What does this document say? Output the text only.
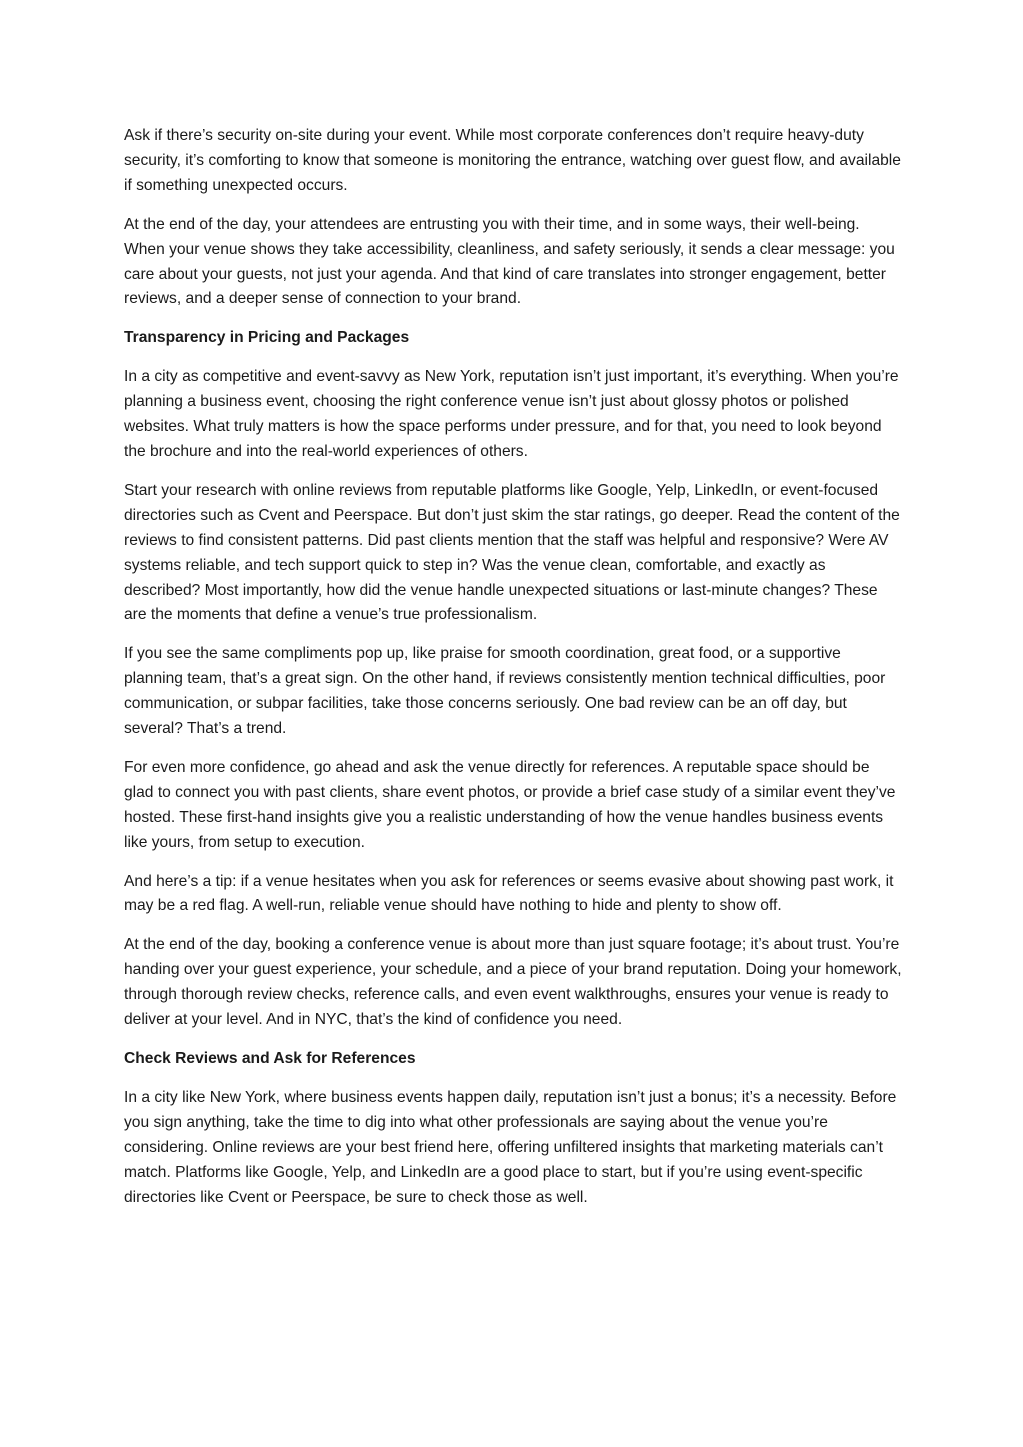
Ask if there’s security on-site during your event. While most corporate conferences don’t require heavy-duty security, it’s comforting to know that someone is monitoring the entrance, watching over guest flow, and available if something unexpected occurs.

At the end of the day, your attendees are entrusting you with their time, and in some ways, their well-being. When your venue shows they take accessibility, cleanliness, and safety seriously, it sends a clear message: you care about your guests, not just your agenda. And that kind of care translates into stronger engagement, better reviews, and a deeper sense of connection to your brand.

Transparency in Pricing and Packages

In a city as competitive and event-savvy as New York, reputation isn’t just important, it’s everything. When you’re planning a business event, choosing the right conference venue isn’t just about glossy photos or polished websites. What truly matters is how the space performs under pressure, and for that, you need to look beyond the brochure and into the real-world experiences of others.

Start your research with online reviews from reputable platforms like Google, Yelp, LinkedIn, or event-focused directories such as Cvent and Peerspace. But don’t just skim the star ratings, go deeper. Read the content of the reviews to find consistent patterns. Did past clients mention that the staff was helpful and responsive? Were AV systems reliable, and tech support quick to step in? Was the venue clean, comfortable, and exactly as described? Most importantly, how did the venue handle unexpected situations or last-minute changes? These are the moments that define a venue’s true professionalism.

If you see the same compliments pop up, like praise for smooth coordination, great food, or a supportive planning team, that’s a great sign. On the other hand, if reviews consistently mention technical difficulties, poor communication, or subpar facilities, take those concerns seriously. One bad review can be an off day, but several? That’s a trend.

For even more confidence, go ahead and ask the venue directly for references. A reputable space should be glad to connect you with past clients, share event photos, or provide a brief case study of a similar event they’ve hosted. These first-hand insights give you a realistic understanding of how the venue handles business events like yours, from setup to execution.

And here’s a tip: if a venue hesitates when you ask for references or seems evasive about showing past work, it may be a red flag. A well-run, reliable venue should have nothing to hide and plenty to show off.

At the end of the day, booking a conference venue is about more than just square footage; it’s about trust. You’re handing over your guest experience, your schedule, and a piece of your brand reputation. Doing your homework, through thorough review checks, reference calls, and even event walkthroughs, ensures your venue is ready to deliver at your level. And in NYC, that’s the kind of confidence you need.

Check Reviews and Ask for References

In a city like New York, where business events happen daily, reputation isn’t just a bonus; it’s a necessity. Before you sign anything, take the time to dig into what other professionals are saying about the venue you’re considering. Online reviews are your best friend here, offering unfiltered insights that marketing materials can’t match. Platforms like Google, Yelp, and LinkedIn are a good place to start, but if you’re using event-specific directories like Cvent or Peerspace, be sure to check those as well.
